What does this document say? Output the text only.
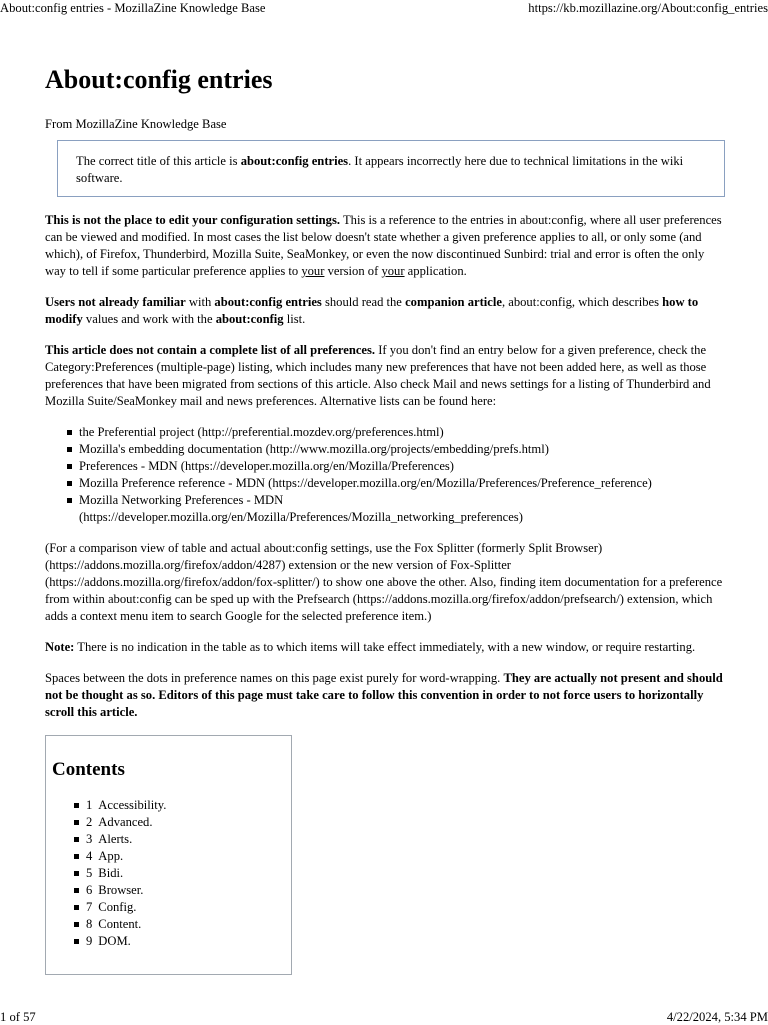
About:config entries - MozillaZine Knowledge Base	https://kb.mozillazine.org/About:config_entries
About:config entries
From MozillaZine Knowledge Base
The correct title of this article is about:config entries. It appears incorrectly here due to technical limitations in the wiki software.

This is not the place to edit your configuration settings. This is a reference to the entries in about:config, where all user preferences can be viewed and modified. In most cases the list below doesn't state whether a given preference applies to all, or only some (and which), of Firefox, Thunderbird, Mozilla Suite, SeaMonkey, or even the now discontinued Sunbird: trial and error is often the only way to tell if some particular preference applies to your version of your application.

Users not already familiar with about:config entries should read the companion article, about:config, which describes how to modify values and work with the about:config list.

This article does not contain a complete list of all preferences. If you don't find an entry below for a given preference, check the Category:Preferences (multiple-page) listing, which includes many new preferences that have not been added here, as well as those preferences that have been migrated from sections of this article. Also check Mail and news settings for a listing of Thunderbird and Mozilla Suite/SeaMonkey mail and news preferences. Alternative lists can be found here:

the Preferential project (http://preferential.mozdev.org/preferences.html)
Mozilla's embedding documentation (http://www.mozilla.org/projects/embedding/prefs.html)
Preferences - MDN (https://developer.mozilla.org/en/Mozilla/Preferences)
Mozilla Preference reference - MDN (https://developer.mozilla.org/en/Mozilla/Preferences/Preference_reference)
Mozilla Networking Preferences - MDN (https://developer.mozilla.org/en/Mozilla/Preferences/Mozilla_networking_preferences)

(For a comparison view of table and actual about:config settings, use the Fox Splitter (formerly Split Browser) (https://addons.mozilla.org/firefox/addon/4287) extension or the new version of Fox-Splitter (https://addons.mozilla.org/firefox/addon/fox-splitter/) to show one above the other. Also, finding item documentation for a preference from within about:config can be sped up with the Prefsearch (https://addons.mozilla.org/firefox/addon/prefsearch/) extension, which adds a context menu item to search Google for the selected preference item.)

Note: There is no indication in the table as to which items will take effect immediately, with a new window, or require restarting.

Spaces between the dots in preference names on this page exist purely for word-wrapping. They are actually not present and should not be thought as so. Editors of this page must take care to follow this convention in order to not force users to horizontally scroll this article.

Contents
1 Accessibility.
2 Advanced.
3 Alerts.
4 App.
5 Bidi.
6 Browser.
7 Config.
8 Content.
9 DOM.
1 of 57	4/22/2024, 5:34 PM
